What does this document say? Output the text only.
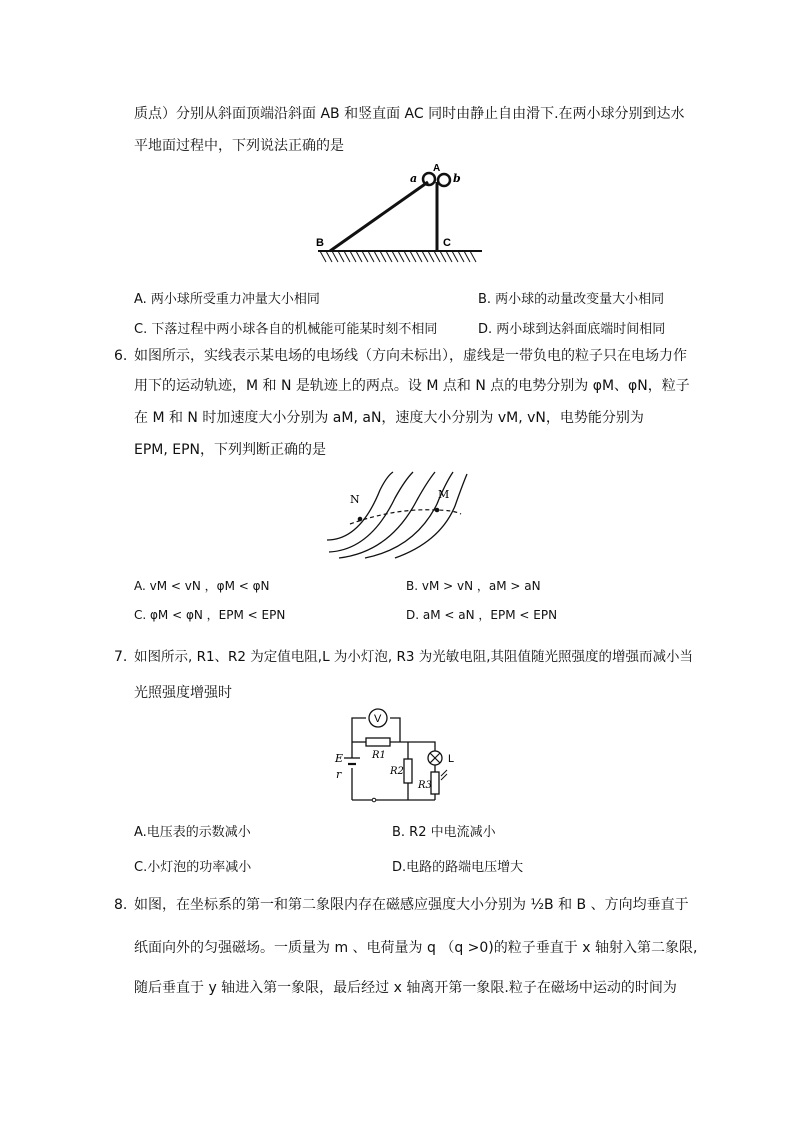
质点）分别从斜面顶端沿斜面 AB 和竖直面 AC 同时由静止自由滑下.在两小球分别到达水
平地面过程中，下列说法正确的是
A
a	b
B	C
A. 两小球所受重力冲量大小相同	B. 两小球的动量改变量大小相同
C. 下落过程中两小球各自的机械能可能某时刻不相同	D. 两小球到达斜面底端时间相同
6. 如图所示，实线表示某电场的电场线（方向未标出），虚线是一带负电的粒子只在电场力作
用下的运动轨迹，M 和 N 是轨迹上的两点。设 M 点和 N 点的电势分别为 φM、φN，粒子
在 M 和 N 时加速度大小分别为 aM, aN，速度大小分别为 vM, vN，电势能分别为
EPM, EPN，下列判断正确的是
N	M
A. vM < vN ，φM < φN	B. vM > vN ，aM > aN
C. φM < φN ，EPM < EPN	D. aM < aN ，EPM < EPN
7. 如图所示, R1、R2 为定值电阻,L 为小灯泡, R3 为光敏电阻,其阻值随光照强度的增强而减小当
光照强度增强时
V
R1
R2
R3
L
E
r
A.电压表的示数减小	B. R2 中电流减小
C.小灯泡的功率减小	D.电路的路端电压增大
8. 如图，在坐标系的第一和第二象限内存在磁感应强度大小分别为 ½B 和 B 、方向均垂直于
纸面向外的匀强磁场。一质量为 m 、电荷量为 q （q >0)的粒子垂直于 x 轴射入第二象限,
随后垂直于 y 轴进入第一象限，最后经过 x 轴离开第一象限.粒子在磁场中运动的时间为
